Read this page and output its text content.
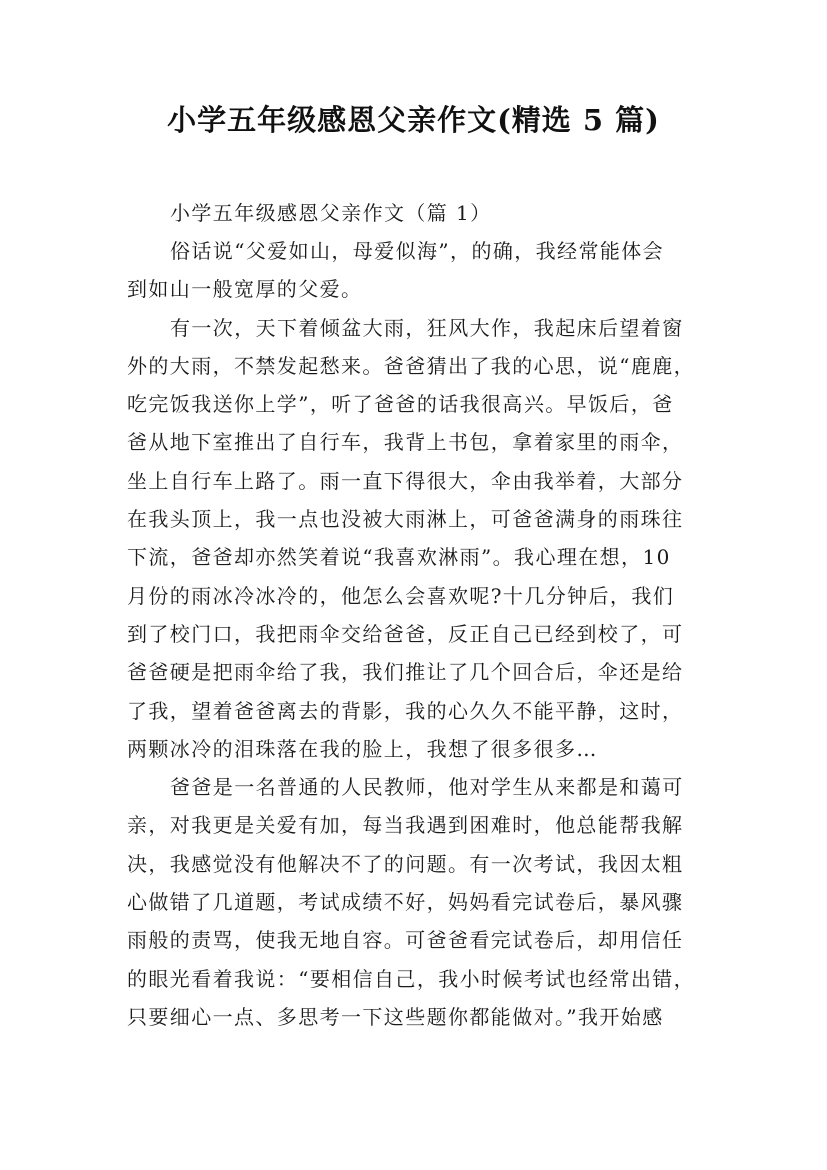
小学五年级感恩父亲作文(精选 5 篇)
小学五年级感恩父亲作文（篇 1）
俗话说“父爱如山，母爱似海”，的确，我经常能体会
到如山一般宽厚的父爱。
有一次，天下着倾盆大雨，狂风大作，我起床后望着窗
外的大雨，不禁发起愁来。爸爸猜出了我的心思，说“鹿鹿，
吃完饭我送你上学”，听了爸爸的话我很高兴。早饭后，爸
爸从地下室推出了自行车，我背上书包，拿着家里的雨伞，
坐上自行车上路了。雨一直下得很大，伞由我举着，大部分
在我头顶上，我一点也没被大雨淋上，可爸爸满身的雨珠往
下流，爸爸却亦然笑着说“我喜欢淋雨”。我心理在想，10
月份的雨冰冷冰冷的，他怎么会喜欢呢?十几分钟后，我们
到了校门口，我把雨伞交给爸爸，反正自己已经到校了，可
爸爸硬是把雨伞给了我，我们推让了几个回合后，伞还是给
了我，望着爸爸离去的背影，我的心久久不能平静，这时，
两颗冰冷的泪珠落在我的脸上，我想了很多很多…
爸爸是一名普通的人民教师，他对学生从来都是和蔼可
亲，对我更是关爱有加，每当我遇到困难时，他总能帮我解
决，我感觉没有他解决不了的问题。有一次考试，我因太粗
心做错了几道题，考试成绩不好，妈妈看完试卷后，暴风骤
雨般的责骂，使我无地自容。可爸爸看完试卷后，却用信任
的眼光看着我说：“要相信自己，我小时候考试也经常出错，
只要细心一点、多思考一下这些题你都能做对。”我开始感
